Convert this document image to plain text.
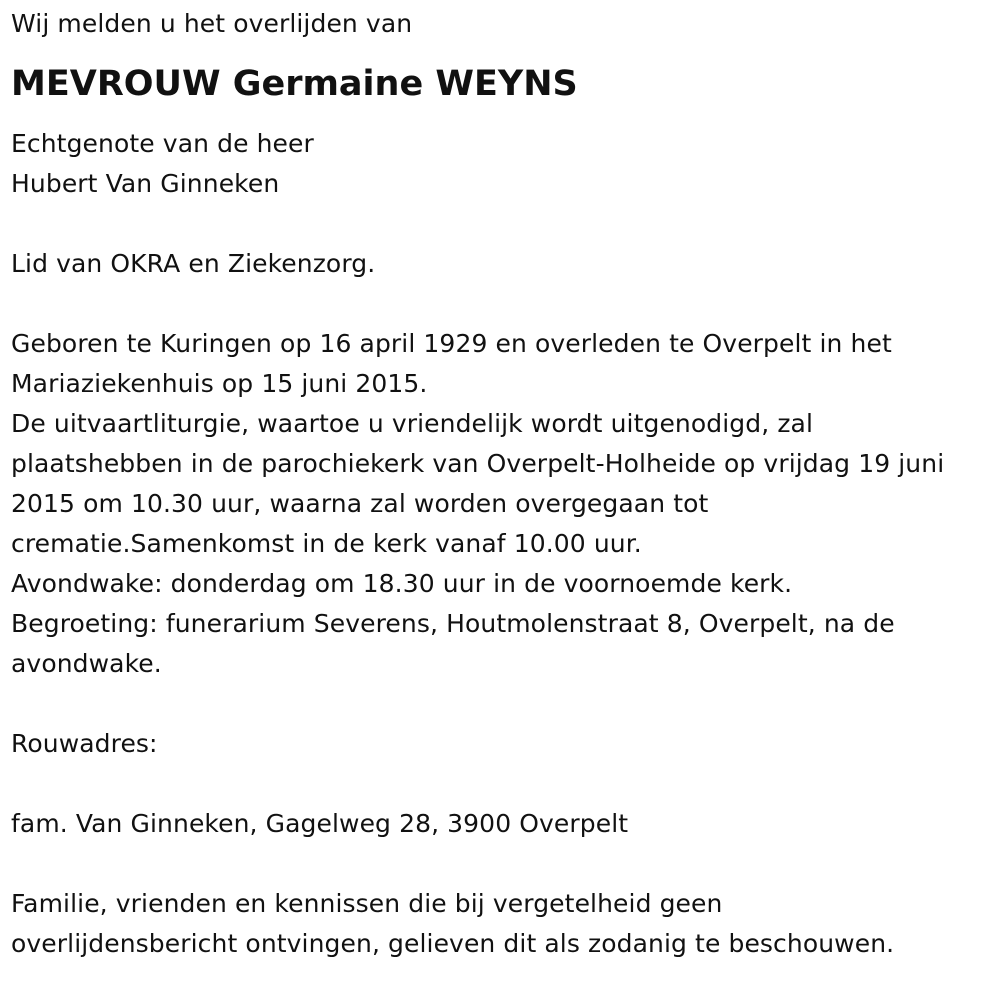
Wij melden u het overlijden van
MEVROUW Germaine WEYNS
Echtgenote van de heer
Hubert Van Ginneken
Lid van OKRA en Ziekenzorg.
Geboren te Kuringen op 16 april 1929 en overleden te Overpelt in het
Mariaziekenhuis op 15 juni 2015.
De uitvaartliturgie, waartoe u vriendelijk wordt uitgenodigd, zal
plaatshebben in de parochiekerk van Overpelt-Holheide op vrijdag 19 juni
2015 om 10.30 uur, waarna zal worden overgegaan tot
crematie.Samenkomst in de kerk vanaf 10.00 uur.
Avondwake: donderdag om 18.30 uur in de voornoemde kerk.
Begroeting: funerarium Severens, Houtmolenstraat 8, Overpelt, na de
avondwake.
Rouwadres:
fam. Van Ginneken, Gagelweg 28, 3900 Overpelt
Familie, vrienden en kennissen die bij vergetelheid geen
overlijdensbericht ontvingen, gelieven dit als zodanig te beschouwen.
